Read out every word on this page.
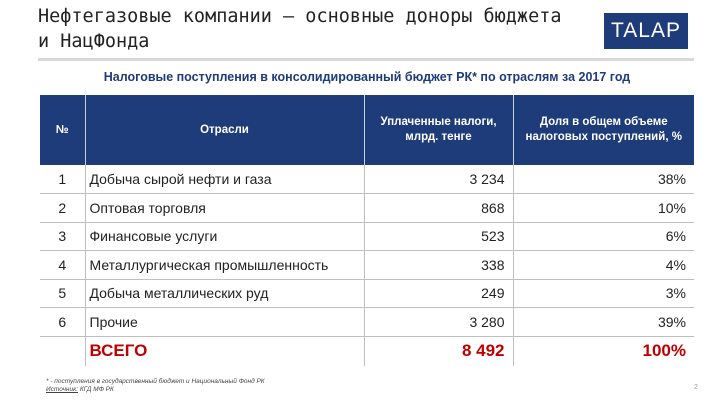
Нефтегазовые компании – основные доноры бюджета
и НацФонда	TALAP
Налоговые поступления в консолидированный бюджет РК* по отраслям за 2017 год
№	Отрасли	Уплаченные налоги, млрд. тенге	Доля в общем объеме налоговых поступлений, %
1	Добыча сырой нефти и газа	3 234	38%
2	Оптовая торговля	868	10%
3	Финансовые услуги	523	6%
4	Металлургическая промышленность	338	4%
5	Добыча металлических руд	249	3%
6	Прочие	3 280	39%
	ВСЕГО	8 492	100%
* - поступления в государственный бюджет и Национальный Фонд РК
Источник: КГД МФ РК	2
